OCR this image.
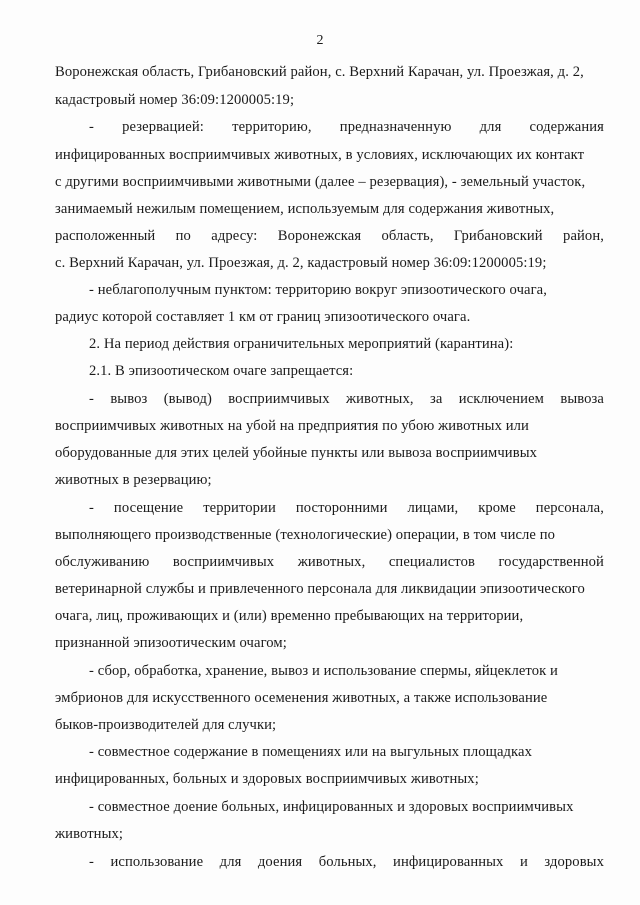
2
Воронежская область, Грибановский район, с. Верхний Карачан, ул. Проезжая, д. 2,
кадастровый номер 36:09:1200005:19;
- резервацией: территорию, предназначенную для содержания
инфицированных восприимчивых животных, в условиях, исключающих их контакт
с другими восприимчивыми животными (далее – резервация), - земельный участок,
занимаемый нежилым помещением, используемым для содержания животных,
расположенный по адресу: Воронежская область, Грибановский район,
с. Верхний Карачан, ул. Проезжая, д. 2, кадастровый номер 36:09:1200005:19;
- неблагополучным пунктом: территорию вокруг эпизоотического очага,
радиус которой составляет 1 км от границ эпизоотического очага.
2. На период действия ограничительных мероприятий (карантина):
2.1. В эпизоотическом очаге запрещается:
- вывоз (вывод) восприимчивых животных, за исключением вывоза
восприимчивых животных на убой на предприятия по убою животных или
оборудованные для этих целей убойные пункты или вывоза восприимчивых
животных в резервацию;
- посещение территории посторонними лицами, кроме персонала,
выполняющего производственные (технологические) операции, в том числе по
обслуживанию восприимчивых животных, специалистов государственной
ветеринарной службы и привлеченного персонала для ликвидации эпизоотического
очага, лиц, проживающих и (или) временно пребывающих на территории,
признанной эпизоотическим очагом;
- сбор, обработка, хранение, вывоз и использование спермы, яйцеклеток и
эмбрионов для искусственного осеменения животных, а также использование
быков-производителей для случки;
- совместное содержание в помещениях или на выгульных площадках
инфицированных, больных и здоровых восприимчивых животных;
- совместное доение больных, инфицированных и здоровых восприимчивых
животных;
- использование для доения больных, инфицированных и здоровых
